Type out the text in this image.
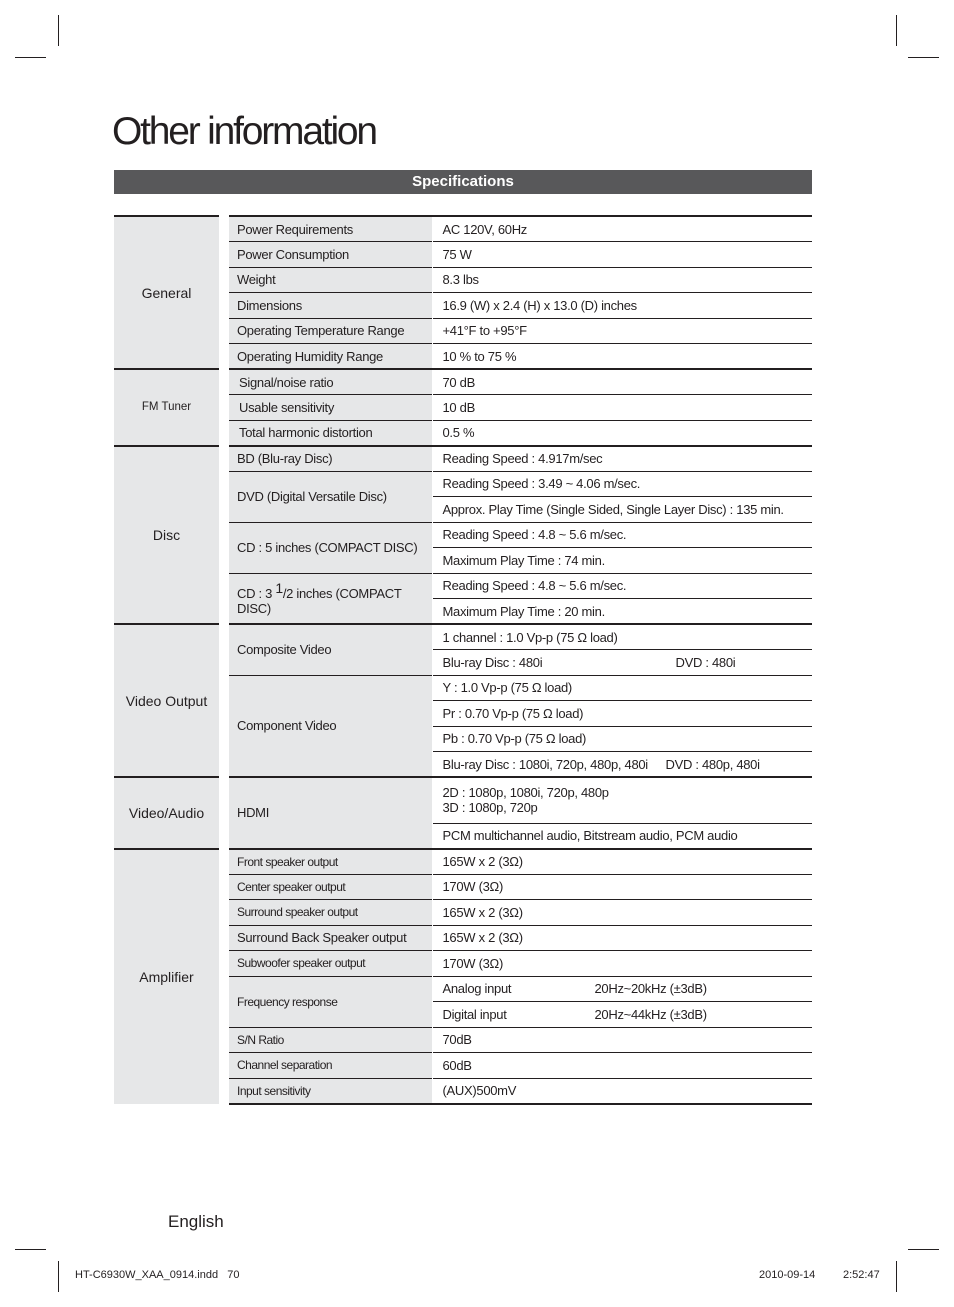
Other information
Specifications
General	Power Requirements	AC 120V, 60Hz
	Power Consumption	75 W
	Weight	8.3 lbs
	Dimensions	16.9 (W) x 2.4 (H) x 13.0 (D) inches
	Operating Temperature Range	+41°F to +95°F
	Operating Humidity Range	10 % to 75 %
FM Tuner	Signal/noise ratio	70 dB
	Usable sensitivity	10 dB
	Total harmonic distortion	0.5 %
Disc	BD (Blu-ray Disc)	Reading Speed : 4.917m/sec
	DVD (Digital Versatile Disc)	Reading Speed : 3.49 ~ 4.06 m/sec.
		Approx. Play Time (Single Sided, Single Layer Disc) : 135 min.
	CD : 5 inches (COMPACT DISC)	Reading Speed : 4.8 ~ 5.6 m/sec.
		Maximum Play Time : 74 min.
	CD : 3 1/2 inches (COMPACT DISC)	Reading Speed : 4.8 ~ 5.6 m/sec.
		Maximum Play Time : 20 min.
Video Output	Composite Video	1 channel : 1.0 Vp-p (75 Ω load)
		Blu-ray Disc : 480i DVD : 480i
	Component Video	Y : 1.0 Vp-p (75 Ω load)
		Pr : 0.70 Vp-p (75 Ω load)
		Pb : 0.70 Vp-p (75 Ω load)
		Blu-ray Disc : 1080i, 720p, 480p, 480i DVD : 480p, 480i
Video/Audio	HDMI	2D : 1080p, 1080i, 720p, 480p
3D : 1080p, 720p

		PCM multichannel audio, Bitstream audio, PCM audio
Amplifier	Front speaker output	165W x 2 (3Ω)
	Center speaker output	170W (3Ω)
	Surround speaker output	165W x 2 (3Ω)
	Surround Back Speaker output	165W x 2 (3Ω)
	Subwoofer speaker output	170W (3Ω)
	Frequency response	Analog input 20Hz~20kHz (±3dB)
		Digital input 20Hz~44kHz (±3dB)
	S/N Ratio	70dB
	Channel separation	60dB
	Input sensitivity	(AUX)500mV
English
HT-C6930W_XAA_0914.indd   70	2010-09-14	2:52:47
